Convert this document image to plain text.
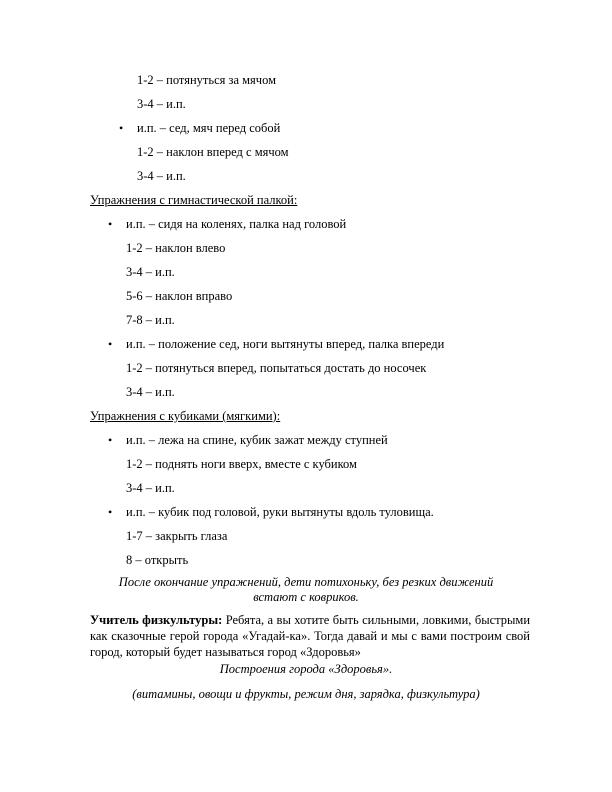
1-2 – потянуться за мячом
3-4 – и.п.
• и.п. – сед, мяч перед собой
1-2 – наклон вперед с мячом
3-4 – и.п.
Упражнения с гимнастической палкой:
• и.п. – сидя на коленях, палка над головой
1-2 – наклон влево
3-4 – и.п.
5-6 – наклон вправо
7-8 – и.п.
• и.п. – положение сед, ноги вытянуты вперед, палка впереди
1-2 – потянуться вперед, попытаться достать до носочек
3-4 – и.п.
Упражнения с кубиками (мягкими):
• и.п. – лежа на спине, кубик зажат между ступней
1-2 – поднять ноги вверх, вместе с кубиком
3-4 – и.п.
• и.п. – кубик под головой, руки вытянуты вдоль туловища.
1-7 – закрыть глаза
8 – открыть
После окончание упражнений, дети потихоньку, без резких движений
встают с ковриков.
Учитель физкультуры: Ребята, а вы хотите быть сильными, ловкими, быстрыми как сказочные герой города «Угадай-ка». Тогда давай и мы с вами построим свой город, который будет называться город «Здоровья»
Построения города «Здоровья».
(витамины, овощи и фрукты, режим дня, зарядка, физкультура)
